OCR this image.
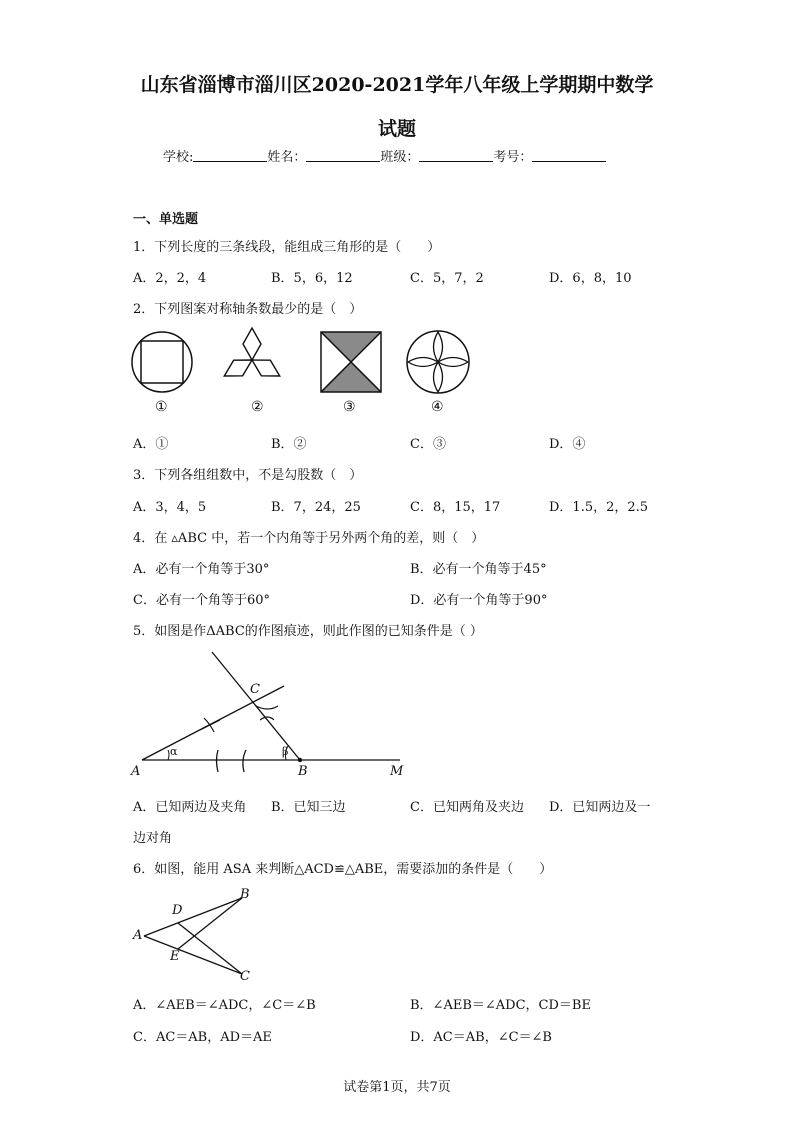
山东省淄博市淄川区2020-2021学年八年级上学期期中数学
试题
学校:	姓名：	班级：	考号：
一、单选题
1．下列长度的三条线段，能组成三角形的是（　　）
A．2，2，4	B．5，6，12	C．5，7，2	D．6，8，10
2．下列图案对称轴条数最少的是（　）
①	②	③	④
A．①	B．②	C．③	D．④
3．下列各组组数中，不是勾股数（　）
A．3，4，5	B．7，24，25	C．8，15，17	D．1.5，2，2.5
4．在 ▵ABC 中，若一个内角等于另外两个角的差，则（　）
A．必有一个角等于30°	B．必有一个角等于45°
C．必有一个角等于60°	D．必有一个角等于90°
5．如图是作ΔABC的作图痕迹，则此作图的已知条件是（ ）
C
A	B	M
α	β
A．已知两边及夹角 B．已知三边	C．已知两角及夹边 D．已知两边及一
边对角
6．如图，能用 ASA 来判断△ACD≌△ABE，需要添加的条件是（　　）
B
D
A
E
C
A．∠AEB＝∠ADC，∠C＝∠B	B．∠AEB＝∠ADC，CD＝BE
C．AC＝AB，AD＝AE	D．AC＝AB，∠C＝∠B
试卷第1页，共7页
